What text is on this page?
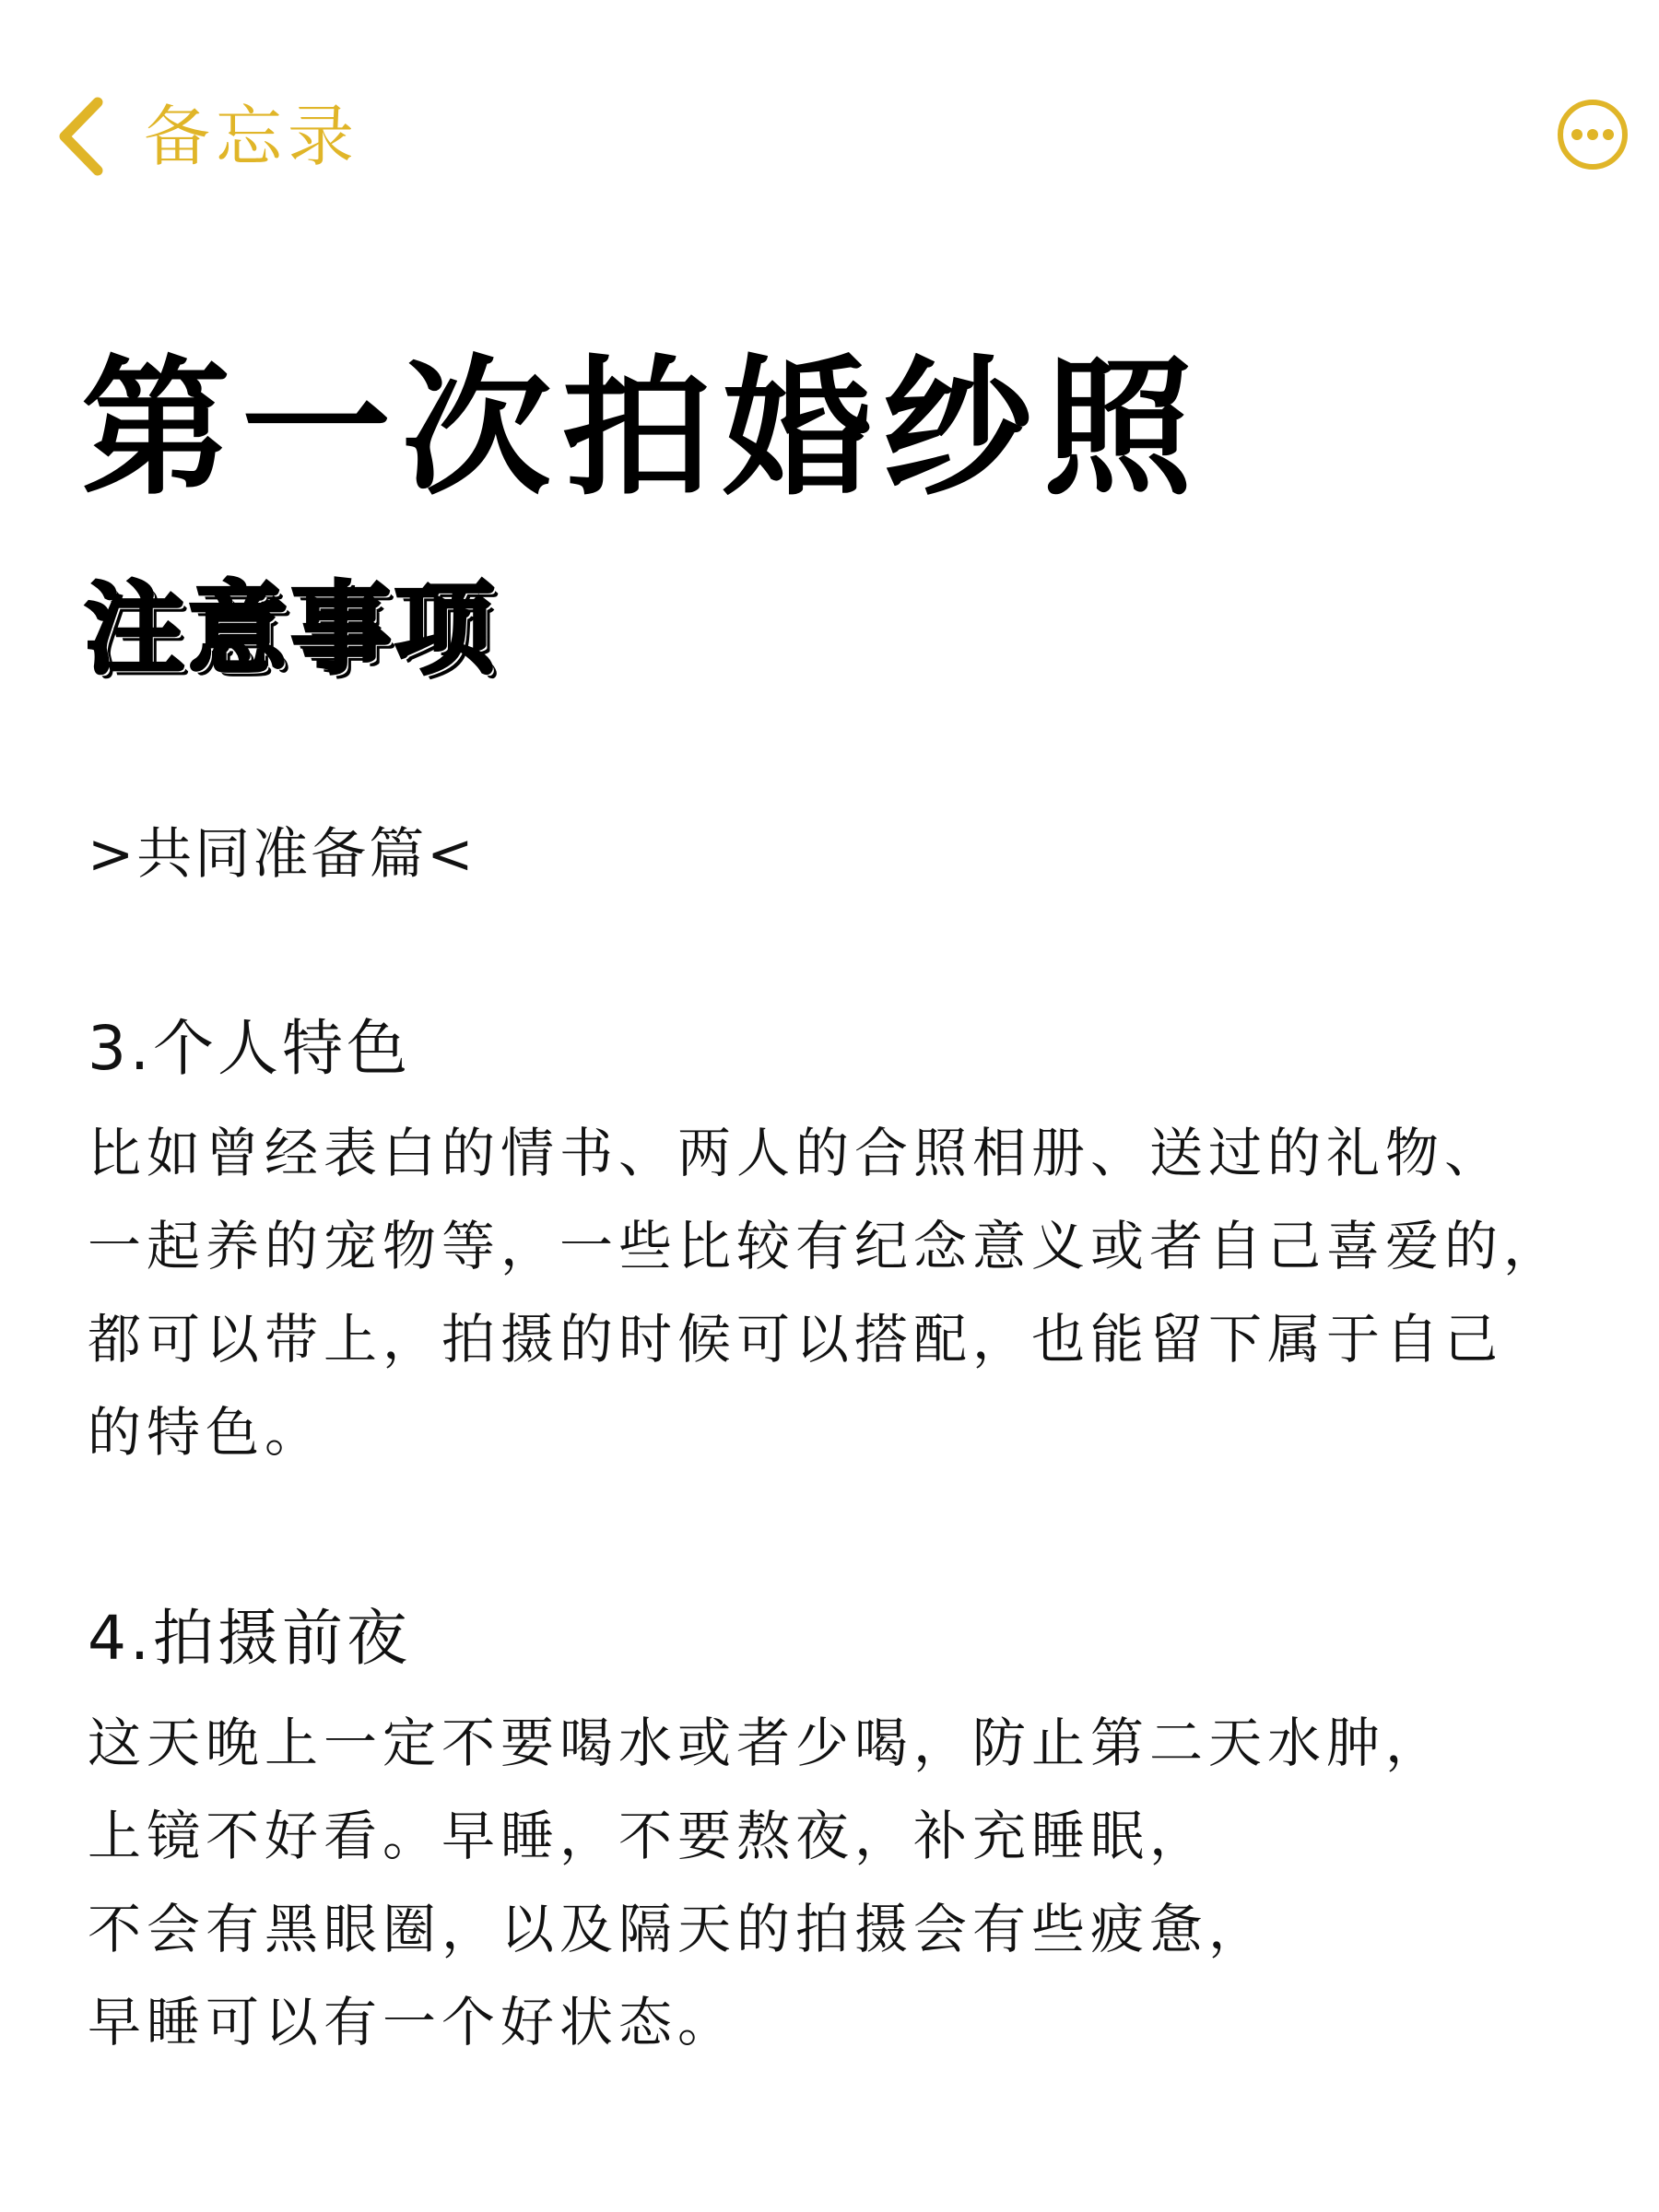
备忘录
第一次拍婚纱照
注意事项
>共同准备篇<
3.个人特色
比如曾经表白的情书、两人的合照相册、送过的礼物、
一起养的宠物等，一些比较有纪念意义或者自己喜爱的，
都可以带上，拍摄的时候可以搭配，也能留下属于自己
的特色。
4.拍摄前夜
这天晚上一定不要喝水或者少喝，防止第二天水肿，
上镜不好看。早睡，不要熬夜，补充睡眠，
不会有黑眼圈，以及隔天的拍摄会有些疲惫，
早睡可以有一个好状态。
